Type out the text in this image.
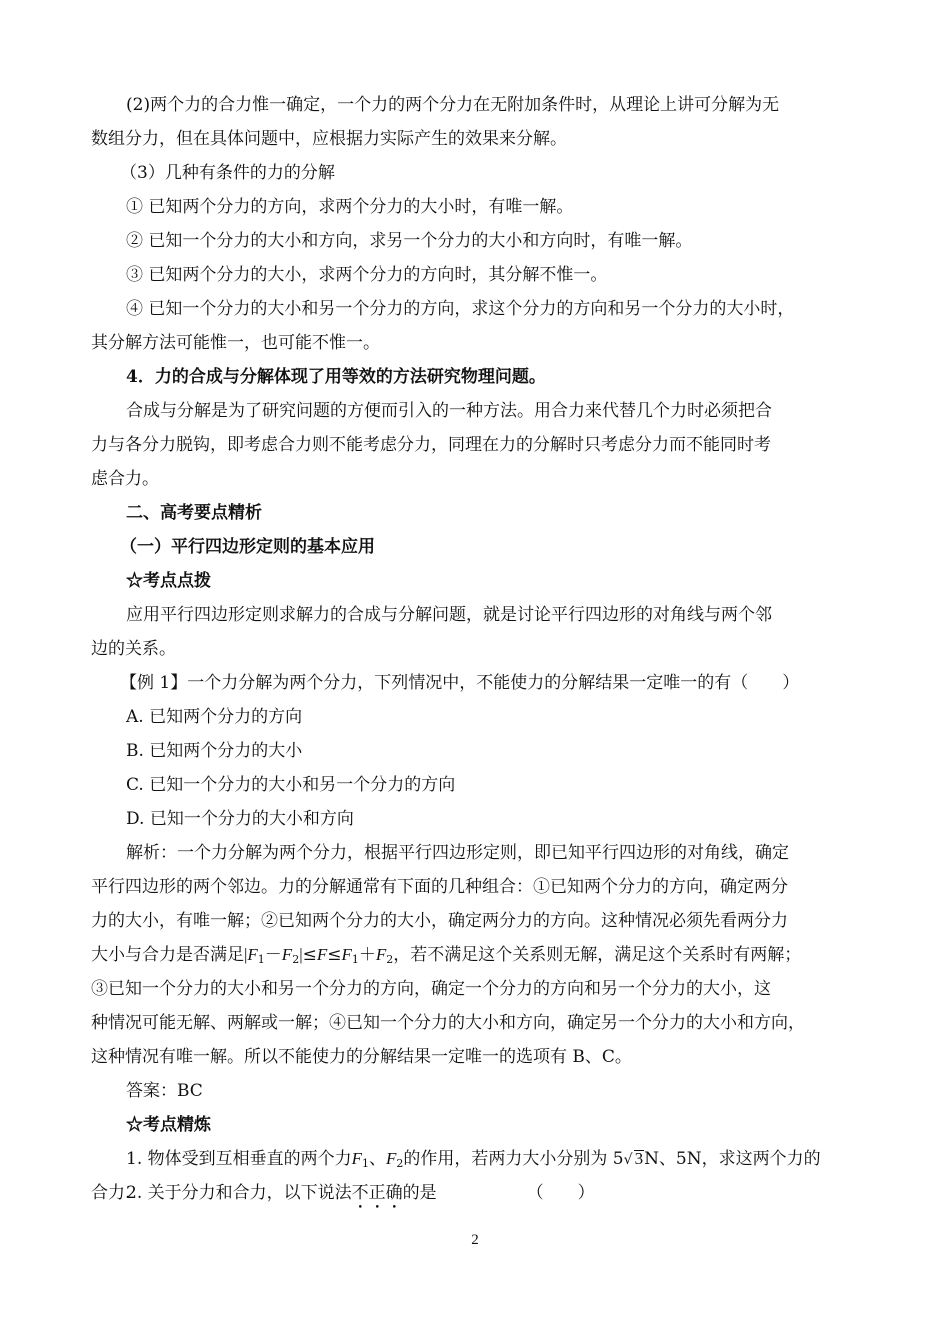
(2)两个力的合力惟一确定，一个力的两个分力在无附加条件时，从理论上讲可分解为无
数组分力，但在具体问题中，应根据力实际产生的效果来分解。
（3）几种有条件的力的分解
① 已知两个分力的方向，求两个分力的大小时，有唯一解。
② 已知一个分力的大小和方向，求另一个分力的大小和方向时，有唯一解。
③ 已知两个分力的大小，求两个分力的方向时，其分解不惟一。
④ 已知一个分力的大小和另一个分力的方向，求这个分力的方向和另一个分力的大小时，
其分解方法可能惟一，也可能不惟一。
4．力的合成与分解体现了用等效的方法研究物理问题。
合成与分解是为了研究问题的方便而引入的一种方法。用合力来代替几个力时必须把合
力与各分力脱钩，即考虑合力则不能考虑分力，同理在力的分解时只考虑分力而不能同时考
虑合力。
二、高考要点精析
（一）平行四边形定则的基本应用
☆考点点拨
应用平行四边形定则求解力的合成与分解问题，就是讨论平行四边形的对角线与两个邻
边的关系。
【例 1】一个力分解为两个分力，下列情况中，不能使力的分解结果一定唯一的有（　　）
A. 已知两个分力的方向
B. 已知两个分力的大小
C. 已知一个分力的大小和另一个分力的方向
D. 已知一个分力的大小和方向
解析：一个力分解为两个分力，根据平行四边形定则，即已知平行四边形的对角线，确定
平行四边形的两个邻边。力的分解通常有下面的几种组合：①已知两个分力的方向，确定两分
力的大小，有唯一解；②已知两个分力的大小，确定两分力的方向。这种情况必须先看两分力
大小与合力是否满足$|F_1-F_2|\le F\le F_1+F_2$，若不满足这个关系则无解，满足这个关系时有两解；
③已知一个分力的大小和另一个分力的方向，确定一个分力的方向和另一个分力的大小，这
种情况可能无解、两解或一解；④已知一个分力的大小和方向，确定另一个分力的大小和方向，
这种情况有唯一解。所以不能使力的分解结果一定唯一的选项有 B、C。
答案：BC
☆考点精炼
1. 物体受到互相垂直的两个力$F_1$、$F_2$的作用，若两力大小分别为 5√ 3N、5N，求这两个力的
合力.
2. 关于分力和合力，以下说法不正确的是	（　　）
2
